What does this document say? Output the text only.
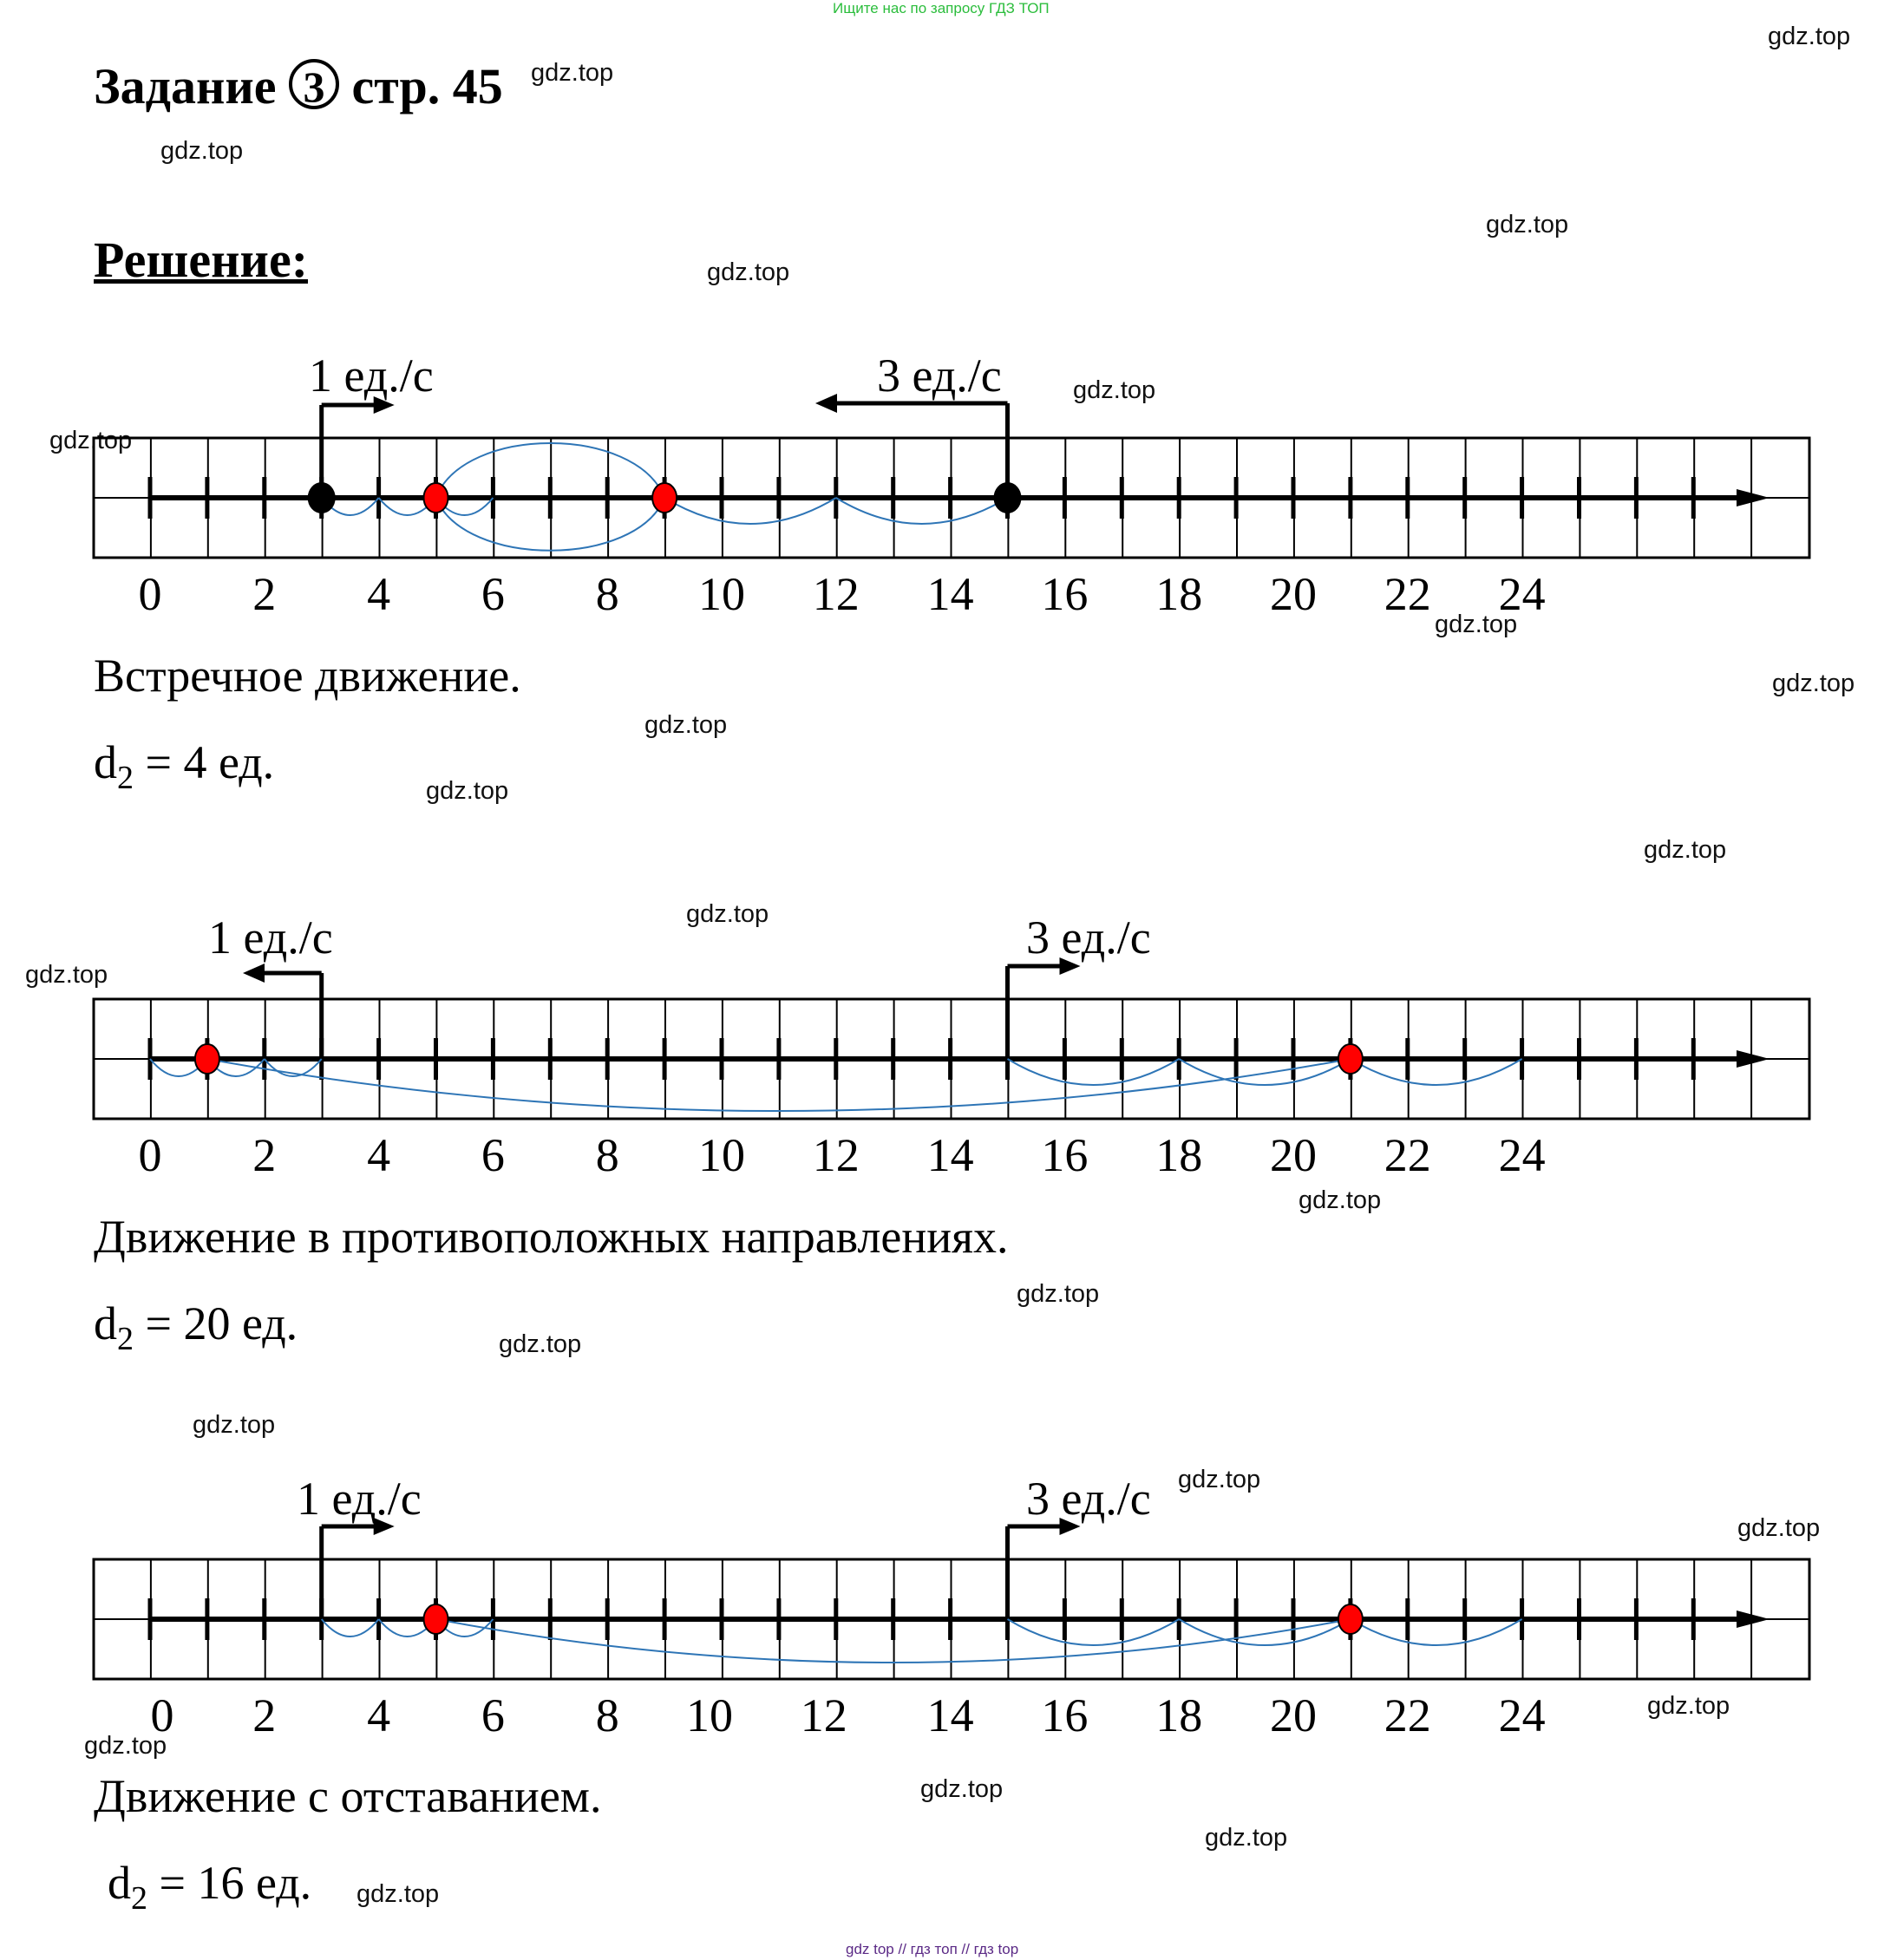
Ищите нас по запросу ГДЗ ТОП
gdz top // гдз топ // гдз top
Задание 3 стр. 45
Решение:
gdz.top
gdz.top
gdz.top
gdz.top
gdz.top
gdz.top
gdz.top
gdz.top
gdz.top
gdz.top
gdz.top
gdz.top
gdz.top
gdz.top
gdz.top
gdz.top
gdz.top
gdz.top
gdz.top
gdz.top
gdz.top
gdz.top
gdz.top
gdz.top
gdz.top
0 2 4 6 8 10 12 14 16 18 20 22 24
1 ед./с	3 ед./с
Встречное движение.
$d_2 = 4$ ед.
0 2 4 6 8 10 12 14 16 18 20 22 24
1 ед./с	3 ед./с
Движение в противоположных направлениях.
$d_2 = 20$ ед.
0 2 4 6 8 10 12 14 16 18 20 22 24
1 ед./с	3 ед./с
Движение с отставанием.
$d_2 = 16$ ед.
